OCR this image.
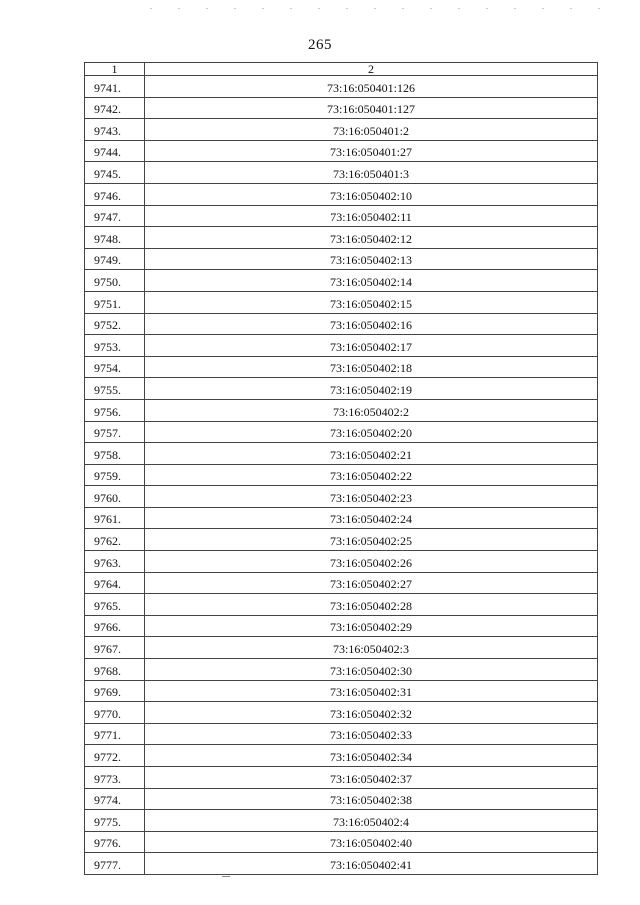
265
1	2
9741.	73:16:050401:126
9742.	73:16:050401:127
9743.	73:16:050401:2
9744.	73:16:050401:27
9745.	73:16:050401:3
9746.	73:16:050402:10
9747.	73:16:050402:11
9748.	73:16:050402:12
9749.	73:16:050402:13
9750.	73:16:050402:14
9751.	73:16:050402:15
9752.	73:16:050402:16
9753.	73:16:050402:17
9754.	73:16:050402:18
9755.	73:16:050402:19
9756.	73:16:050402:2
9757.	73:16:050402:20
9758.	73:16:050402:21
9759.	73:16:050402:22
9760.	73:16:050402:23
9761.	73:16:050402:24
9762.	73:16:050402:25
9763.	73:16:050402:26
9764.	73:16:050402:27
9765.	73:16:050402:28
9766.	73:16:050402:29
9767.	73:16:050402:3
9768.	73:16:050402:30
9769.	73:16:050402:31
9770.	73:16:050402:32
9771.	73:16:050402:33
9772.	73:16:050402:34
9773.	73:16:050402:37
9774.	73:16:050402:38
9775.	73:16:050402:4
9776.	73:16:050402:40
9777.	73:16:050402:41
